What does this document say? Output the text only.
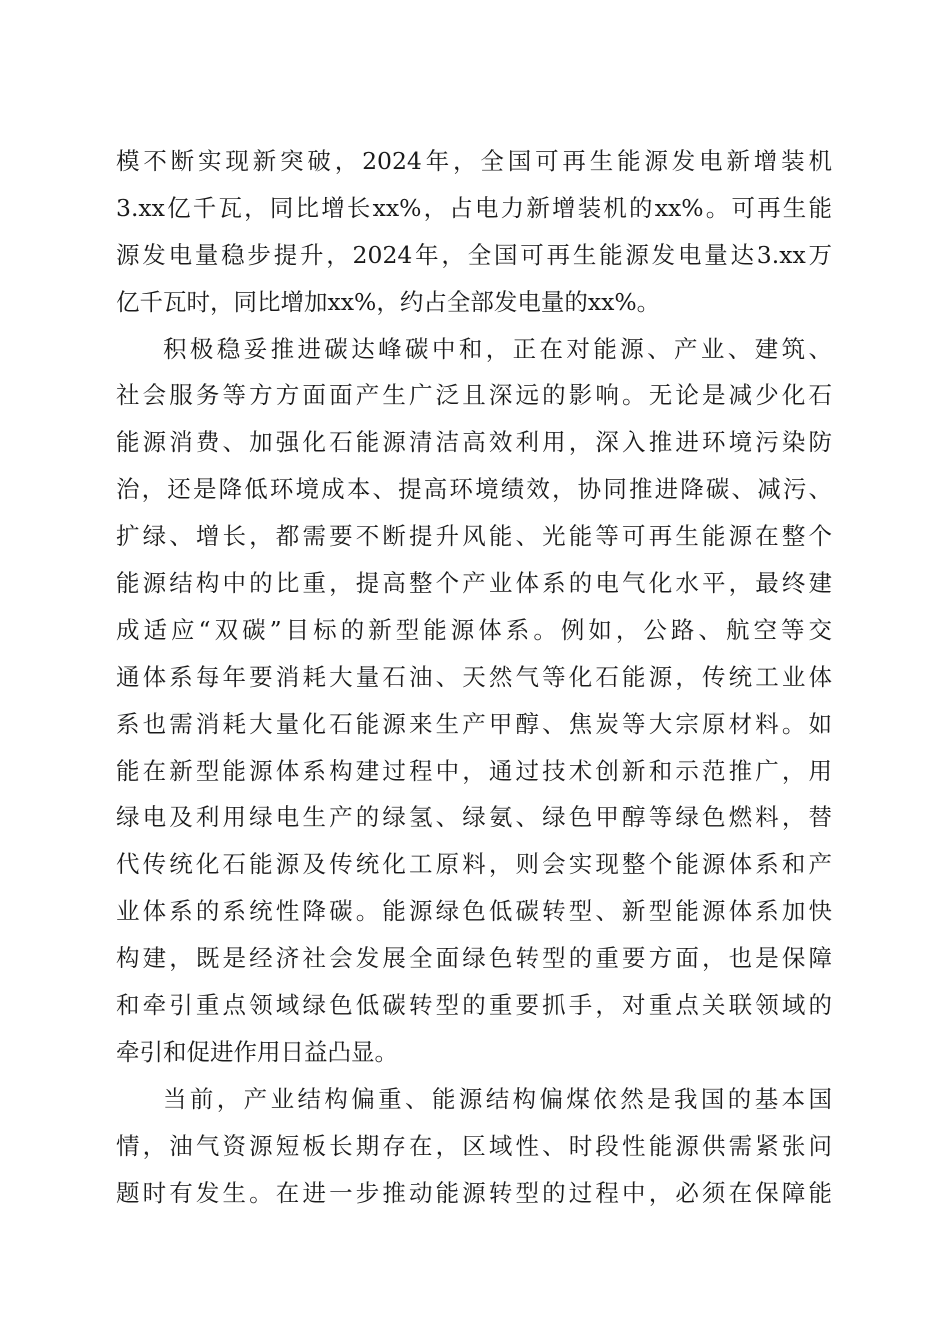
模不断实现新突破，2024年，全国可再生能源发电新增装机
3.xx亿千瓦，同比增长xx%，占电力新增装机的xx%。可再生能
源发电量稳步提升，2024年，全国可再生能源发电量达3.xx万
亿千瓦时，同比增加xx%，约占全部发电量的xx%。
积极稳妥推进碳达峰碳中和，正在对能源、产业、建筑、
社会服务等方方面面产生广泛且深远的影响。无论是减少化石
能源消费、加强化石能源清洁高效利用，深入推进环境污染防
治，还是降低环境成本、提高环境绩效，协同推进降碳、减污、
扩绿、增长，都需要不断提升风能、光能等可再生能源在整个
能源结构中的比重，提高整个产业体系的电气化水平，最终建
成适应“双碳”目标的新型能源体系。例如，公路、航空等交
通体系每年要消耗大量石油、天然气等化石能源，传统工业体
系也需消耗大量化石能源来生产甲醇、焦炭等大宗原材料。如
能在新型能源体系构建过程中，通过技术创新和示范推广，用
绿电及利用绿电生产的绿氢、绿氨、绿色甲醇等绿色燃料，替
代传统化石能源及传统化工原料，则会实现整个能源体系和产
业体系的系统性降碳。能源绿色低碳转型、新型能源体系加快
构建，既是经济社会发展全面绿色转型的重要方面，也是保障
和牵引重点领域绿色低碳转型的重要抓手，对重点关联领域的
牵引和促进作用日益凸显。
当前，产业结构偏重、能源结构偏煤依然是我国的基本国
情，油气资源短板长期存在，区域性、时段性能源供需紧张问
题时有发生。在进一步推动能源转型的过程中，必须在保障能
